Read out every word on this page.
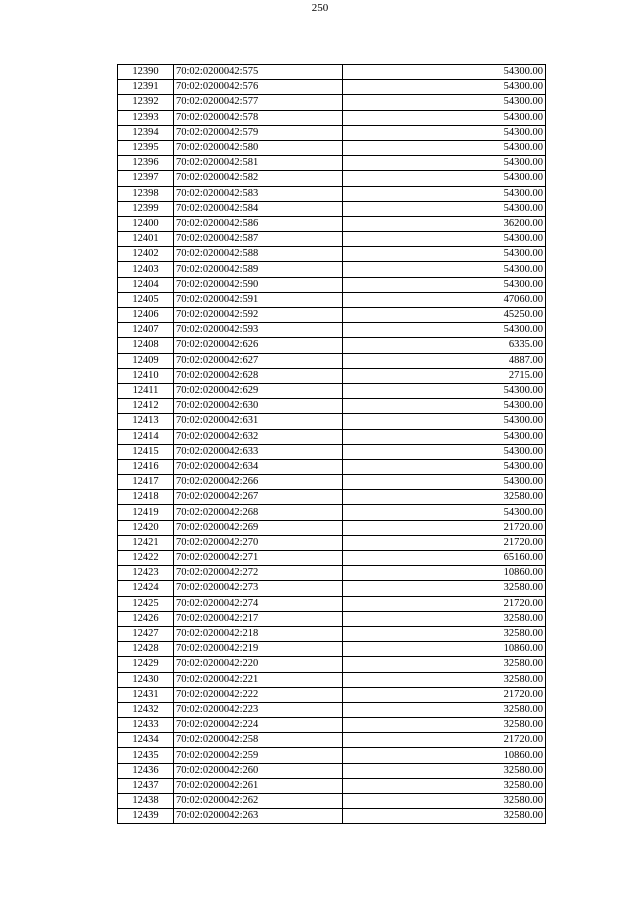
250
12390	70:02:0200042:575	54300.00
12391	70:02:0200042:576	54300.00
12392	70:02:0200042:577	54300.00
12393	70:02:0200042:578	54300.00
12394	70:02:0200042:579	54300.00
12395	70:02:0200042:580	54300.00
12396	70:02:0200042:581	54300.00
12397	70:02:0200042:582	54300.00
12398	70:02:0200042:583	54300.00
12399	70:02:0200042:584	54300.00
12400	70:02:0200042:586	36200.00
12401	70:02:0200042:587	54300.00
12402	70:02:0200042:588	54300.00
12403	70:02:0200042:589	54300.00
12404	70:02:0200042:590	54300.00
12405	70:02:0200042:591	47060.00
12406	70:02:0200042:592	45250.00
12407	70:02:0200042:593	54300.00
12408	70:02:0200042:626	6335.00
12409	70:02:0200042:627	4887.00
12410	70:02:0200042:628	2715.00
12411	70:02:0200042:629	54300.00
12412	70:02:0200042:630	54300.00
12413	70:02:0200042:631	54300.00
12414	70:02:0200042:632	54300.00
12415	70:02:0200042:633	54300.00
12416	70:02:0200042:634	54300.00
12417	70:02:0200042:266	54300.00
12418	70:02:0200042:267	32580.00
12419	70:02:0200042:268	54300.00
12420	70:02:0200042:269	21720.00
12421	70:02:0200042:270	21720.00
12422	70:02:0200042:271	65160.00
12423	70:02:0200042:272	10860.00
12424	70:02:0200042:273	32580.00
12425	70:02:0200042:274	21720.00
12426	70:02:0200042:217	32580.00
12427	70:02:0200042:218	32580.00
12428	70:02:0200042:219	10860.00
12429	70:02:0200042:220	32580.00
12430	70:02:0200042:221	32580.00
12431	70:02:0200042:222	21720.00
12432	70:02:0200042:223	32580.00
12433	70:02:0200042:224	32580.00
12434	70:02:0200042:258	21720.00
12435	70:02:0200042:259	10860.00
12436	70:02:0200042:260	32580.00
12437	70:02:0200042:261	32580.00
12438	70:02:0200042:262	32580.00
12439	70:02:0200042:263	32580.00
